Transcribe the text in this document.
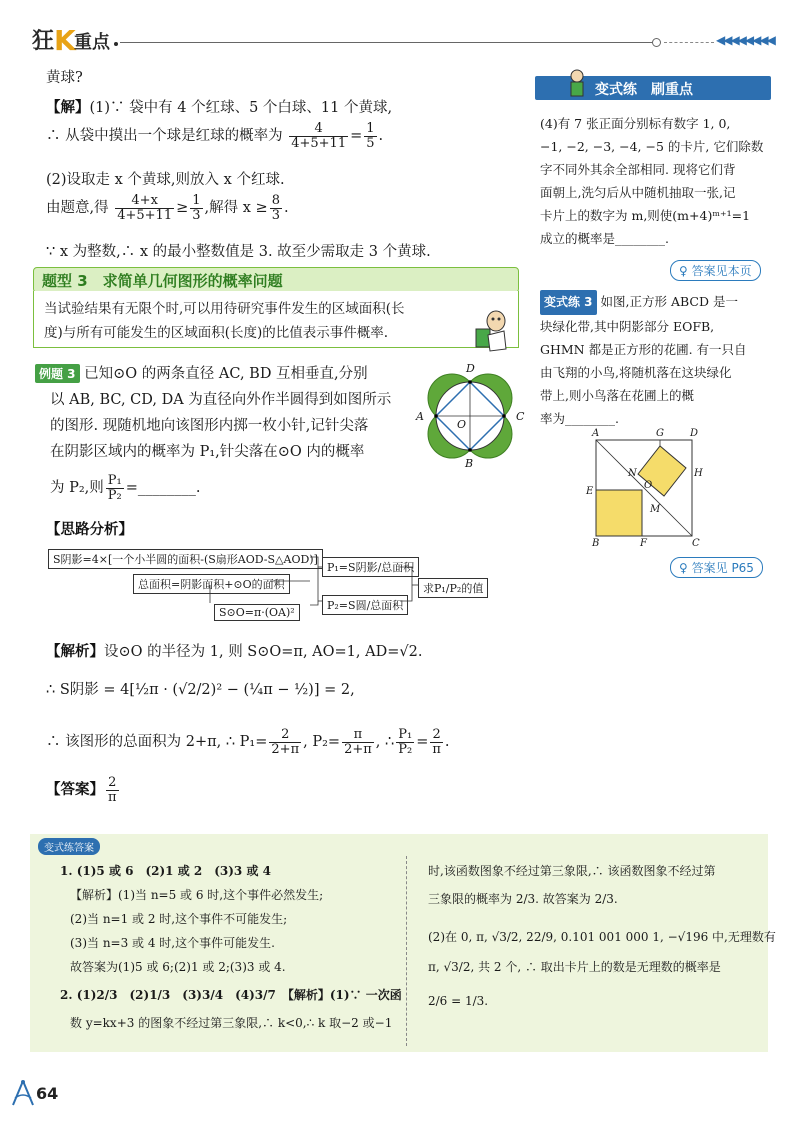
狂 K
重点	◀◀◀◀◀◀◀◀
黄球?
【解】(1)∵ 袋中有 4 个红球、5 个白球、11 个黄球,
∴ 从袋中摸出一个球是红球的概率为 $\frac{4}{4+5+11} = \frac{1}{5}$ .
(2)设取走 x 个黄球,则放入 x 个红球.
由题意,得 $\frac{4+x}{4+5+11} \ge \frac{1}{3}$ ,解得 $x \ge \frac{8}{3}$ .
∵ x 为整数,∴ x 的最小整数值是 3. 故至少需取走 3 个黄球.
题型 3　求简单几何图形的概率问题
当试验结果有无限个时,可以用待研究事件发生的区域面积(长
度)与所有可能发生的区域面积(长度)的比值表示事件概率.
例题 3 已知⊙O 的两条直径 AC, BD 互相垂直,分别
以 AB, BC, CD, DA 为直径向外作半圆得到如图所示
的图形. 现随机地向该图形内掷一枚小针,记针尖落
在阴影区域内的概率为 P₁,针尖落在⊙O 内的概率
为 P₂,则 $\frac{\text{P₁}}{\text{P₂}}$ =________.
D
A
O
C
B
【思路分析】
S阴影=4×[一个小半圆的面积-(S扇形AOD-S△AOD)]
总面积=阴影面积+⊙O的面积
S⊙O=π·(OA)²
P₁=S阴影/总面积
P₂=S圆/总面积
求P₁/P₂的值
【解析】设⊙O 的半径为 1, 则 S⊙O=π, AO=1, AD=√2.
∴ S阴影 = 4[½π · (√2/2)² − (¼π − ½)] = 2,
∴ 该图形的总面积为 2+π, ∴ $P_1= \frac{2}{2+\pi}$ , $P_2= \frac{\pi}{2+\pi}$ , ∴ $\frac{\text{P₁}}{\text{P₂}} = \frac{2}{\pi}$ .
【答案】 $\frac{2}{\pi}$
变式练　刷重点
(4)有 7 张正面分别标有数字 1, 0,
−1, −2, −3, −4, −5 的卡片, 它们除数
字不同外其余全部相同. 现将它们背
面朝上,洗匀后从中随机抽取一张,记
卡片上的数字为 m,则使(m+4)ᵐ⁺¹=1
成立的概率是________.
♀ 答案见本页
变式练 3 如图,正方形 ABCD 是一
块绿化带,其中阴影部分 EOFB,
GHMN 都是正方形的花圃. 有一只自
由飞翔的小鸟,将随机落在这块绿化
带上,则小鸟落在花圃上的概
率为________.
A	G	D
N	H
O
E
M
B	F	C
♀ 答案见 P65
变式练答案
1. (1)5 或 6　(2)1 或 2　(3)3 或 4
【解析】(1)当 n=5 或 6 时,这个事件必然发生;
(2)当 n=1 或 2 时,这个事件不可能发生;
(3)当 n=3 或 4 时,这个事件可能发生.
故答案为(1)5 或 6;(2)1 或 2;(3)3 或 4.
2. (1)2/3　(2)1/3　(3)3/4　(4)3/7　【解析】(1)∵ 一次函
数 y=kx+3 的图象不经过第三象限,∴ k<0,∴ k 取−2 或−1
时,该函数图象不经过第三象限,∴ 该函数图象不经过第
三象限的概率为 2/3. 故答案为 2/3.
(2)在 0, π, √3/2, 22/9, 0.101 001 000 1, −√196 中,无理数有
π, √3/2, 共 2 个, ∴ 取出卡片上的数是无理数的概率是
2/6 = 1/3.
64
